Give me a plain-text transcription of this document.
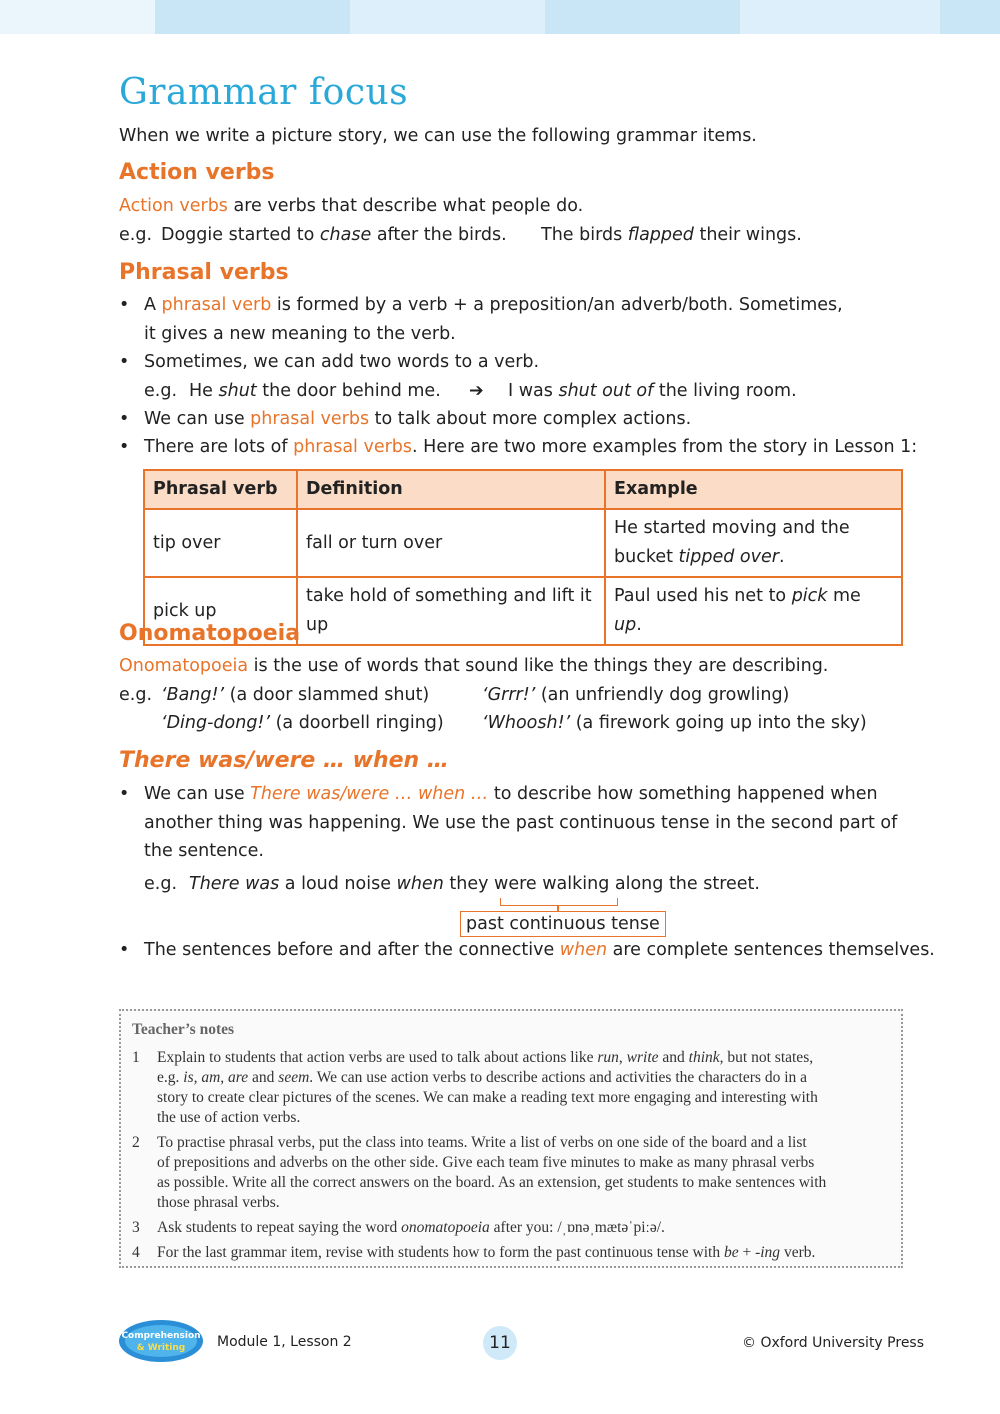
Grammar focus
When we write a picture story, we can use the following grammar items.
Action verbs
Action verbs are verbs that describe what people do.
e.g. Doggie started to chase after the birds. The birds flapped their wings.
Phrasal verbs
• A phrasal verb is formed by a verb + a preposition/an adverb/both. Sometimes,
it gives a new meaning to the verb.
• Sometimes, we can add two words to a verb.
e.g. He shut the door behind me. ➔ I was shut out of the living room.
• We can use phrasal verbs to talk about more complex actions.
• There are lots of phrasal verbs. Here are two more examples from the story in Lesson 1:
Phrasal verb	Definition	Example
tip over	fall or turn over	He started moving and the bucket tipped over.
pick up	take hold of something and lift it up	Paul used his net to pick me up.
Onomatopoeia
Onomatopoeia is the use of words that sound like the things they are describing.
e.g. ‘Bang!’ (a door slammed shut)	‘Grrr!’ (an unfriendly dog growling)
‘Ding-dong!’ (a doorbell ringing) ‘Whoosh!’ (a firework going up into the sky)
There was/were … when …
• We can use There was/were … when … to describe how something happened when
another thing was happening. We use the past continuous tense in the second part of
the sentence.
e.g. There was a loud noise when they were walking along the street.
past continuous tense
• The sentences before and after the connective when are complete sentences themselves.
Teacher’s notes
1 Explain to students that action verbs are used to talk about actions like run, write and think, but not states,
e.g. is, am, are and seem. We can use action verbs to describe actions and activities the characters do in a
story to create clear pictures of the scenes. We can make a reading text more engaging and interesting with
the use of action verbs.
2 To practise phrasal verbs, put the class into teams. Write a list of verbs on one side of the board and a list
of prepositions and adverbs on the other side. Give each team five minutes to make as many phrasal verbs
as possible. Write all the correct answers on the board. As an extension, get students to make sentences with
those phrasal verbs.
3 Ask students to repeat saying the word onomatopoeia after you: /ˌɒnəˌmætəˈpiːə/.
4 For the last grammar item, revise with students how to form the past continuous tense with be + -ing verb.
Comprehension
& Writing Module 1, Lesson 2	11	© Oxford University Press
